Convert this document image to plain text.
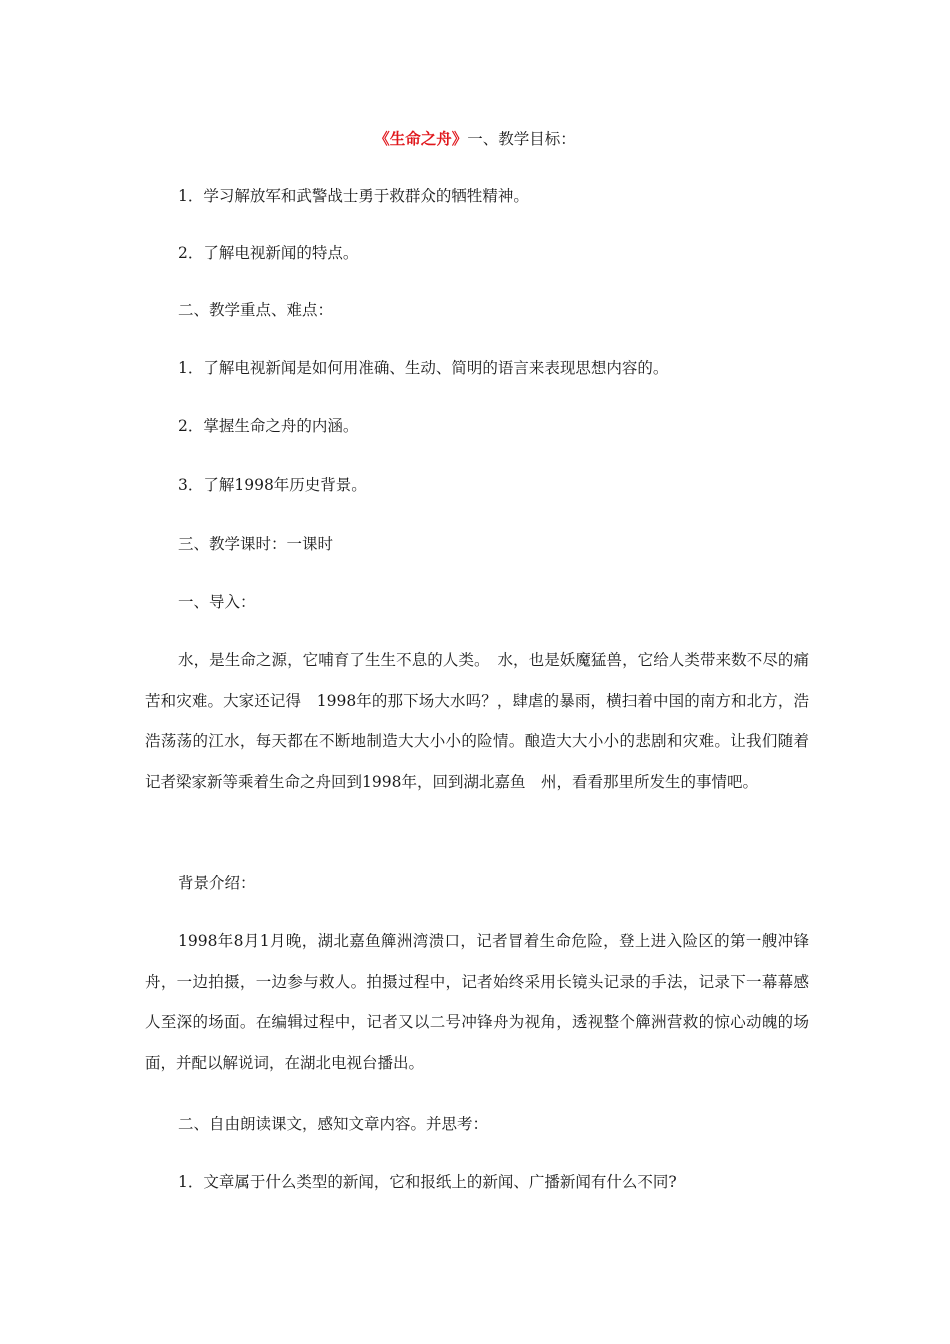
《生命之舟》一、教学目标：
1．学习解放军和武警战士勇于救群众的牺牲精神。
2．了解电视新闻的特点。
二、教学重点、难点：
1．了解电视新闻是如何用准确、生动、简明的语言来表现思想内容的。
2．掌握生命之舟的内涵。
3．了解1998年历史背景。
三、教学课时：一课时
一、导入：
水，是生命之源，它哺育了生生不息的人类。　水，也是妖魔猛兽，它给人类带来数不尽的痛苦和灾难。大家还记得　1998年的那下场大水吗？，肆虐的暴雨，横扫着中国的南方和北方，浩浩荡荡的江水，每天都在不断地制造大大小小的险情。酿造大大小小的悲剧和灾难。让我们随着记者梁家新等乘着生命之舟回到1998年，回到湖北嘉鱼　州，看看那里所发生的事情吧。
背景介绍：
1998年8月1月晚，湖北嘉鱼簰洲湾溃口，记者冒着生命危险，登上进入险区的第一艘冲锋舟，一边拍摄，一边参与救人。拍摄过程中，记者始终采用长镜头记录的手法，记录下一幕幕感人至深的场面。在编辑过程中，记者又以二号冲锋舟为视角，透视整个簰洲营救的惊心动魄的场面，并配以解说词，在湖北电视台播出。
二、自由朗读课文，感知文章内容。并思考：
1．文章属于什么类型的新闻，它和报纸上的新闻、广播新闻有什么不同?
